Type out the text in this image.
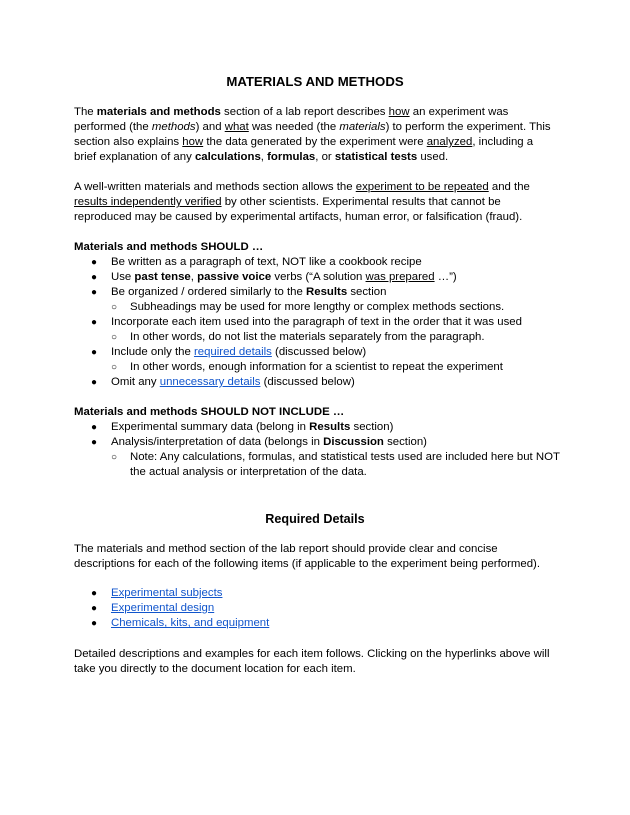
MATERIALS AND METHODS

The materials and methods section of a lab report describes how an experiment was performed (the methods) and what was needed (the materials) to perform the experiment. This section also explains how the data generated by the experiment were analyzed, including a brief explanation of any calculations, formulas, or statistical tests used.

A well-written materials and methods section allows the experiment to be repeated and the results independently verified by other scientists. Experimental results that cannot be reproduced may be caused by experimental artifacts, human error, or falsification (fraud).

Materials and methods SHOULD …

● Be written as a paragraph of text, NOT like a cookbook recipe
● Use past tense, passive voice verbs (“A solution was prepared …”)
● Be organized / ordered similarly to the Results section
○ Subheadings may be used for more lengthy or complex methods sections.
● Incorporate each item used into the paragraph of text in the order that it was used
○ In other words, do not list the materials separately from the paragraph.
● Include only the required details (discussed below)
○ In other words, enough information for a scientist to repeat the experiment
● Omit any unnecessary details (discussed below)

Materials and methods SHOULD NOT INCLUDE …

● Experimental summary data (belong in Results section)
● Analysis/interpretation of data (belongs in Discussion section)
○ Note: Any calculations, formulas, and statistical tests used are included here but NOT the actual analysis or interpretation of the data.
Required Details

The materials and method section of the lab report should provide clear and concise descriptions for each of the following items (if applicable to the experiment being performed).

● Experimental subjects
● Experimental design
● Chemicals, kits, and equipment

Detailed descriptions and examples for each item follows. Clicking on the hyperlinks above will take you directly to the document location for each item.
